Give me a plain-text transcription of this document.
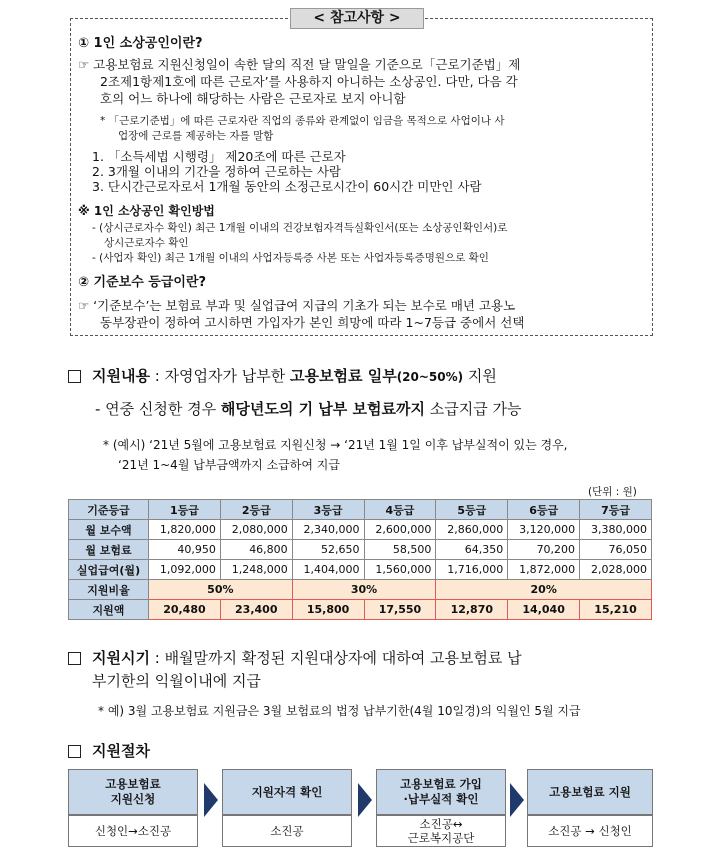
< 참고사항 >
① 1인 소상공인이란?
☞ 고용보험료 지원신청일이 속한 달의 직전 달 말일을 기준으로「근로기준법」제
2조제1항제1호에 따른 근로자’를 사용하지 아니하는 소상공인. 다만, 다음 각
호의 어느 하나에 해당하는 사람은 근로자로 보지 아니함
* 「근로기준법」에 따른 근로자란 직업의 종류와 관계없이 임금을 목적으로 사업이나 사
업장에 근로를 제공하는 자를 말함
1. 「소득세법 시행령」 제20조에 따른 근로자
2. 3개월 이내의 기간을 정하여 근로하는 사람
3. 단시간근로자로서 1개월 동안의 소정근로시간이 60시간 미만인 사람
※ 1인 소상공인 확인방법
- (상시근로자수 확인) 최근 1개월 이내의 건강보험자격득실확인서(또는 소상공인확인서)로
상시근로자수 확인
- (사업자 확인) 최근 1개월 이내의 사업자등록증 사본 또는 사업자등록증명원으로 확인
② 기준보수 등급이란?
☞ ‘기준보수’는 보험료 부과 및 실업급여 지급의 기초가 되는 보수로 매년 고용노
동부장관이 정하여 고시하면 가입자가 본인 희망에 따라 1~7등급 중에서 선택
지원내용 : 자영업자가 납부한 고용보험료 일부(20~50%) 지원
- 연중 신청한 경우 해당년도의 기 납부 보험료까지 소급지급 가능
* (예시) ‘21년 5월에 고용보험료 지원신청 → ‘21년 1월 1일 이후 납부실적이 있는 경우,
‘21년 1~4월 납부금액까지 소급하여 지급
(단위 : 원)
기준등급	1등급	2등급	3등급	4등급	5등급	6등급	7등급
월 보수액	1,820,000	2,080,000	2,340,000	2,600,000	2,860,000	3,120,000	3,380,000
월 보험료	40,950	46,800	52,650	58,500	64,350	70,200	76,050
실업급여(월)	1,092,000	1,248,000	1,404,000	1,560,000	1,716,000	1,872,000	2,028,000
지원비율	50%		30%		20%		
지원액	20,480	23,400	15,800	17,550	12,870	14,040	15,210
지원시기 : 배월말까지 확정된 지원대상자에 대하여 고용보험료 납
부기한의 익월이내에 지급
* 예) 3월 고용보험료 지원금은 3월 보험료의 법정 납부기한(4월 10일경)의 익월인 5월 지급
지원절차
고용보험료
지원신청
신청인→소진공

지원자격 확인

소진공

고용보험료 가입
·납부실적 확인
소진공↔
근로복지공단
고용보험료 지원

소진공 → 신청인
